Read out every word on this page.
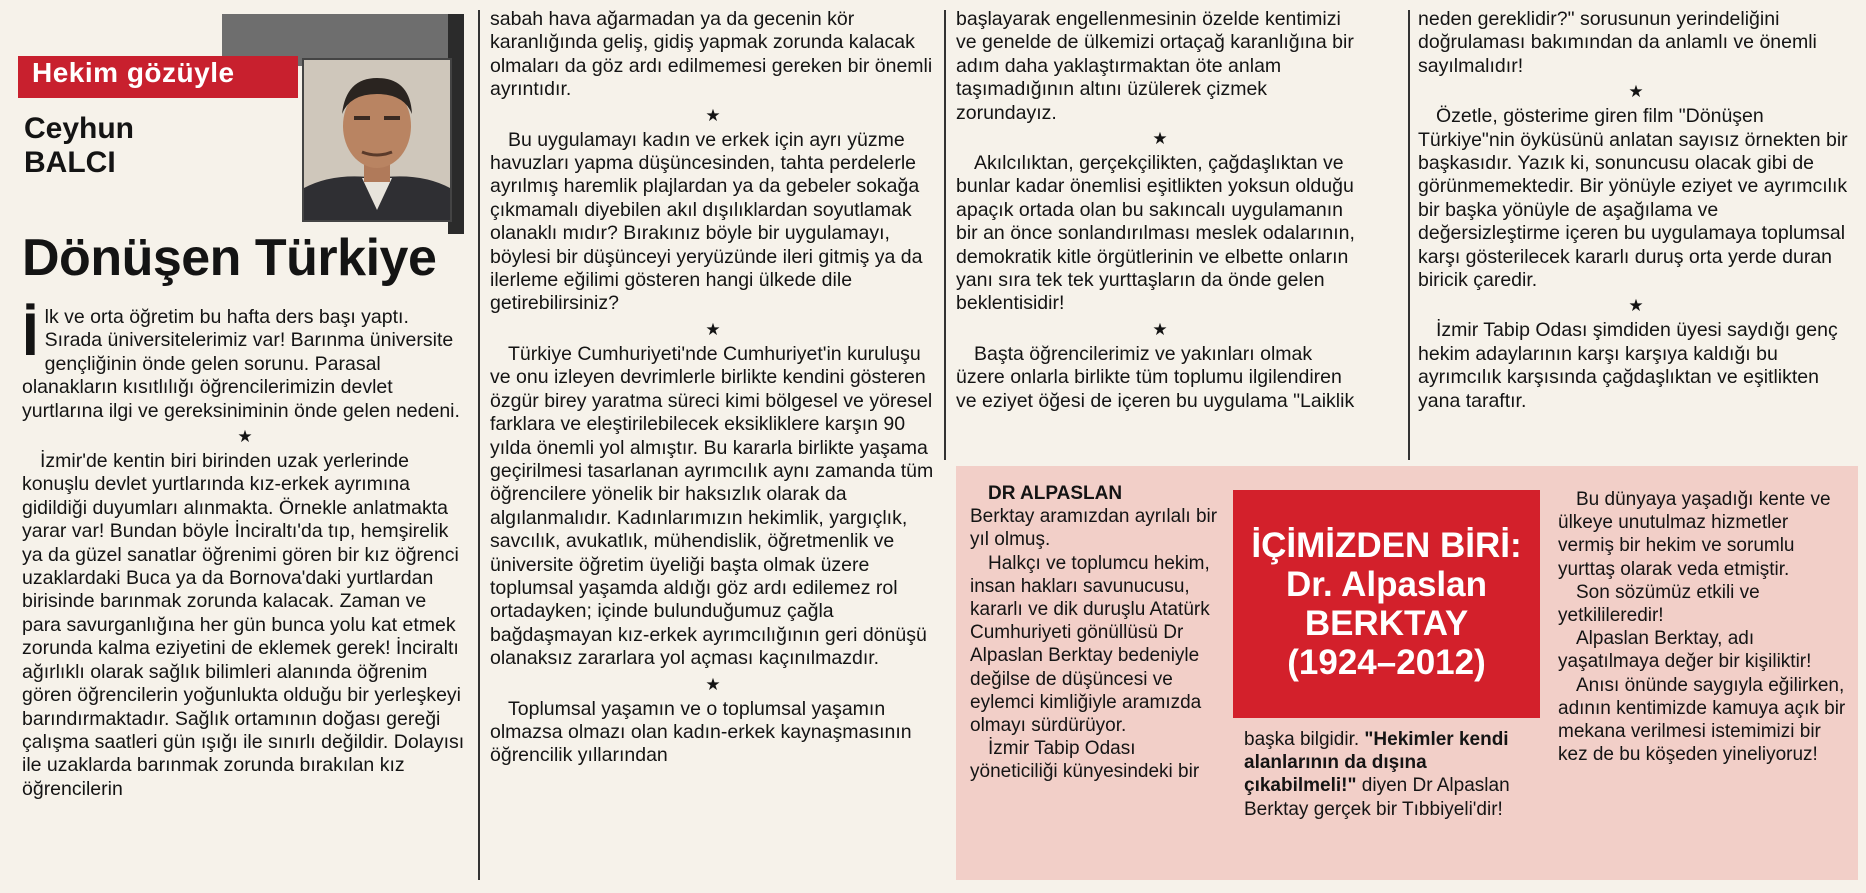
Hekim gözüyle
Ceyhun
BALCI
Dönüşen Türkiye

İlk ve orta öğretim bu hafta ders başı yaptı. Sırada üniversitelerimiz var! Barınma üniversite gençliğinin önde gelen sorunu. Parasal olanakların kısıtlılığı öğrencilerimizin devlet yurtlarına ilgi ve gereksiniminin önde gelen nedeni.

★

İzmir'de kentin biri birinden uzak yerlerinde konuşlu devlet yurtlarında kız-erkek ayrımına gidildiği duyumları alınmakta. Örnekle anlatmakta yarar var! Bundan böyle İnciraltı'da tıp, hemşirelik ya da güzel sanatlar öğrenimi gören bir kız öğrenci uzaklardaki Buca ya da Bornova'daki yurtlardan birisinde barınmak zorunda kalacak. Zaman ve para savurganlığına her gün bunca yolu kat etmek zorunda kalma eziyetini de eklemek gerek! İnciraltı ağırlıklı olarak sağlık bilimleri alanında öğrenim gören öğrencilerin yoğunlukta olduğu bir yerleşkeyi barındırmaktadır. Sağlık ortamının doğası gereği çalışma saatleri gün ışığı ile sınırlı değildir. Dolayısı ile uzaklarda barınmak zorunda bırakılan kız öğrencilerin

sabah hava ağarmadan ya da gecenin kör karanlığında geliş, gidiş yapmak zorunda kalacak olmaları da göz ardı edilmemesi gereken bir önemli ayrıntıdır.

★

Bu uygulamayı kadın ve erkek için ayrı yüzme havuzları yapma düşüncesinden, tahta perdelerle ayrılmış haremlik plajlardan ya da gebeler sokağa çıkmamalı diyebilen akıl dışılıklardan soyutlamak olanaklı mıdır? Bırakınız böyle bir uygulamayı, böylesi bir düşünceyi yeryüzünde ileri gitmiş ya da ilerleme eğilimi gösteren hangi ülkede dile getirebilirsiniz?

★

Türkiye Cumhuriyeti'nde Cumhuriyet'in kuruluşu ve onu izleyen devrimlerle birlikte kendini gösteren özgür birey yaratma süreci kimi bölgesel ve yöresel farklara ve eleştirilebilecek eksikliklere karşın 90 yılda önemli yol almıştır. Bu kararla birlikte yaşama geçirilmesi tasarlanan ayrımcılık aynı zamanda tüm öğrencilere yönelik bir haksızlık olarak da algılanmalıdır. Kadınlarımızın hekimlik, yargıçlık, savcılık, avukatlık, mühendislik, öğretmenlik ve üniversite öğretim üyeliği başta olmak üzere toplumsal yaşamda aldığı göz ardı edilemez rol ortadayken; içinde bulunduğumuz çağla bağdaşmayan kız-erkek ayrımcılığının geri dönüşü olanaksız zararlara yol açması kaçınılmazdır.

★

Toplumsal yaşamın ve o toplumsal yaşamın olmazsa olmazı olan kadın-erkek kaynaşmasının öğrencilik yıllarından

başlayarak engellenmesinin özelde kentimizi ve genelde de ülkemizi ortaçağ karanlığına bir adım daha yaklaştırmaktan öte anlam taşımadığının altını üzülerek çizmek zorundayız.

★

Akılcılıktan, gerçekçilikten, çağdaşlıktan ve bunlar kadar önemlisi eşitlikten yoksun olduğu apaçık ortada olan bu sakıncalı uygulamanın bir an önce sonlandırılması meslek odalarının, demokratik kitle örgütlerinin ve elbette onların yanı sıra tek tek yurttaşların da önde gelen beklentisidir!

★

Başta öğrencilerimiz ve yakınları olmak üzere onlarla birlikte tüm toplumu ilgilendiren ve eziyet öğesi de içeren bu uygulama "Laiklik

neden gereklidir?" sorusunun yerindeliğini doğrulaması bakımından da anlamlı ve önemli sayılmalıdır!

★

Özetle, gösterime giren film "Dönüşen Türkiye"nin öyküsünü anlatan sayısız örnekten bir başkasıdır. Yazık ki, sonuncusu olacak gibi de görünmemektedir. Bir yönüyle eziyet ve ayrımcılık bir başka yönüyle de aşağılama ve değersizleştirme içeren bu uygulamaya toplumsal karşı gösterilecek kararlı duruş orta yerde duran biricik çaredir.

★

İzmir Tabip Odası şimdiden üyesi saydığı genç hekim adaylarının karşı karşıya kaldığı bu ayrımcılık karşısında çağdaşlıktan ve eşitlikten yana taraftır.

DR ALPASLAN

Berktay aramızdan ayrılalı bir yıl olmuş.

Halkçı ve toplumcu hekim, insan hakları savunucusu, kararlı ve dik duruşlu Atatürk Cumhuriyeti gönüllüsü Dr Alpaslan Berktay bedeniyle değilse de düşüncesi ve eylemci kimliğiyle aramızda olmayı sürdürüyor.

İzmir Tabip Odası yöneticiliği künyesindeki bir

İÇİMİZDEN BİRİ:
Dr. Alpaslan
BERKTAY
(1924–2012)

başka bilgidir. "Hekimler kendi alanlarının da dışına çıkabilmeli!" diyen Dr Alpaslan Berktay gerçek bir Tıbbiyeli'dir!

Bu dünyaya yaşadığı kente ve ülkeye unutulmaz hizmetler vermiş bir hekim ve sorumlu yurttaş olarak veda etmiştir.

Son sözümüz etkili ve yetkilileredir!

Alpaslan Berktay, adı yaşatılmaya değer bir kişiliktir!

Anısı önünde saygıyla eğilirken, adının kentimizde kamuya açık bir mekana verilmesi istemimizi bir kez de bu köşeden yineliyoruz!
